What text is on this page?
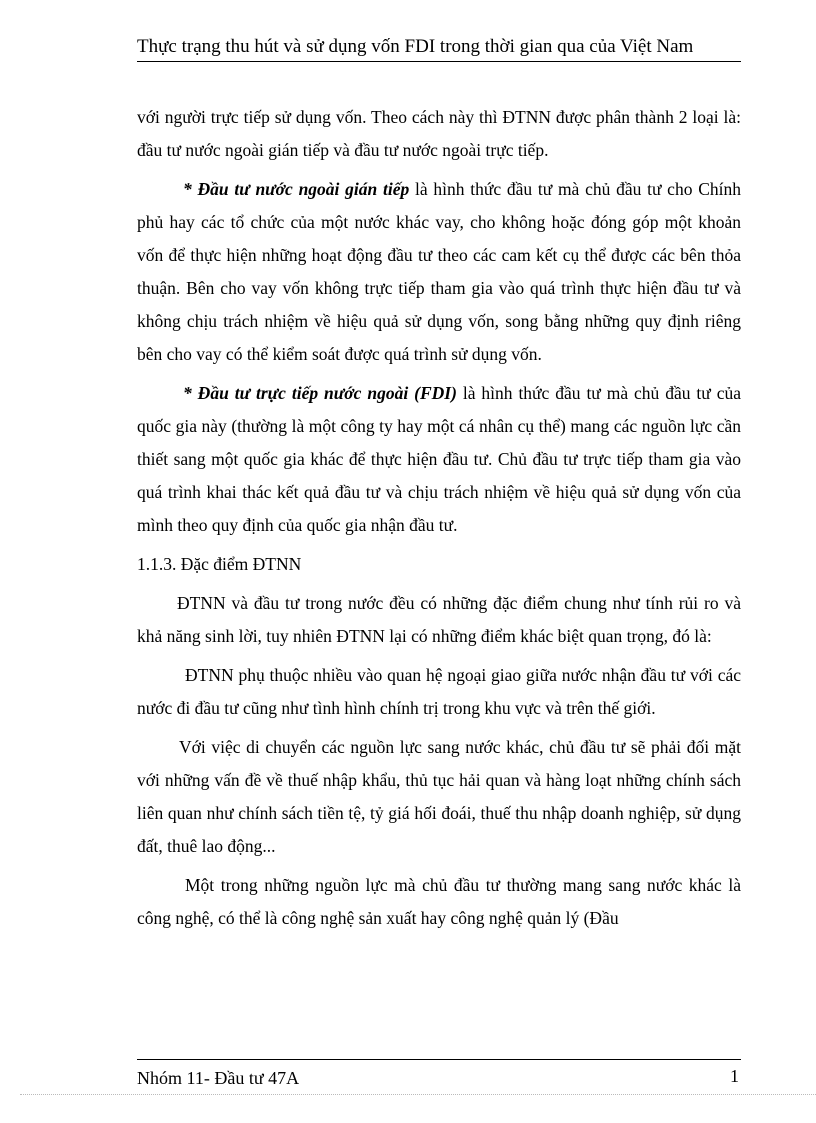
Thực trạng thu hút và sử dụng vốn FDI trong thời gian qua của Việt Nam

với người trực tiếp sử dụng vốn. Theo cách này thì ĐTNN được phân thành 2 loại là: đầu tư nước ngoài gián tiếp và đầu tư nước ngoài trực tiếp.

* Đầu tư nước ngoài gián tiếp là hình thức đầu tư mà chủ đầu tư cho Chính phủ hay các tổ chức của một nước khác vay, cho không hoặc đóng góp một khoản vốn để thực hiện những hoạt động đầu tư theo các cam kết cụ thể được các bên thỏa thuận. Bên cho vay vốn không trực tiếp tham gia vào quá trình thực hiện đầu tư và không chịu trách nhiệm về hiệu quả sử dụng vốn, song bằng những quy định riêng bên cho vay có thể kiểm soát được quá trình sử dụng vốn.

* Đầu tư trực tiếp nước ngoài (FDI) là hình thức đầu tư mà chủ đầu tư của quốc gia này (thường là một công ty hay một cá nhân cụ thể) mang các nguồn lực cần thiết sang một quốc gia khác để thực hiện đầu tư. Chủ đầu tư trực tiếp tham gia vào quá trình khai thác kết quả đầu tư và chịu trách nhiệm về hiệu quả sử dụng vốn của mình theo quy định của quốc gia nhận đầu tư.

1.1.3. Đặc điểm ĐTNN

ĐTNN và đầu tư trong nước đều có những đặc điểm chung như tính rủi ro và khả năng sinh lời, tuy nhiên ĐTNN lại có những điểm khác biệt quan trọng, đó là:

ĐTNN phụ thuộc nhiều vào quan hệ ngoại giao giữa nước nhận đầu tư với các nước đi đầu tư cũng như tình hình chính trị trong khu vực và trên thế giới.

Với việc di chuyển các nguồn lực sang nước khác, chủ đầu tư sẽ phải đối mặt với những vấn đề về thuế nhập khẩu, thủ tục hải quan và hàng loạt những chính sách liên quan như chính sách tiền tệ, tỷ giá hối đoái, thuế thu nhập doanh nghiệp, sử dụng đất, thuê lao động...

Một trong những nguồn lực mà chủ đầu tư thường mang sang nước khác là công nghệ, có thể là công nghệ sản xuất hay công nghệ quản lý (Đầu

Nhóm 11- Đầu tư 47A	1
